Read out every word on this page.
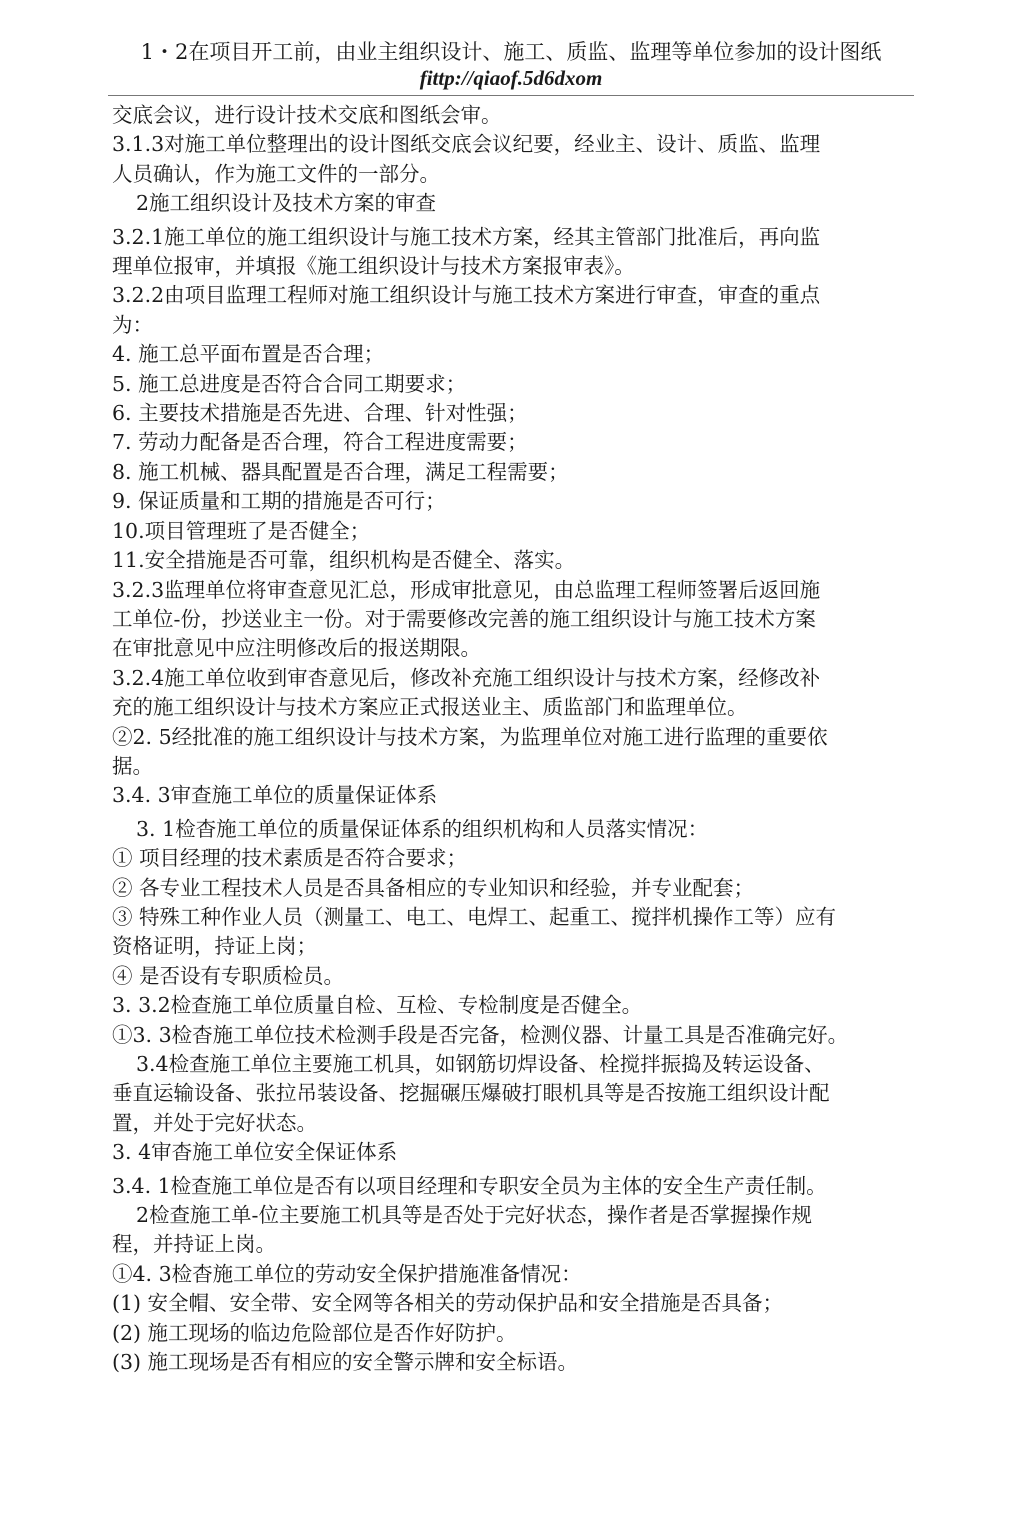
1・2在项目开工前，由业主组织设计、施工、质监、监理等单位参加的设计图纸
fittp://qiaof.5d6dxom
交底会议，进行设计技术交底和图纸会审。
3.1.3对施工单位整理出的设计图纸交底会议纪要，经业主、设计、质监、监理
人员确认，作为施工文件的一部分。
2施工组织设计及技术方案的审查
3.2.1施工单位的施工组织设计与施工技术方案，经其主管部门批准后，再向监
理单位报审，并填报《施工组织设计与技术方案报审表》。
3.2.2由项目监理工程师对施工组织设计与施工技术方案进行审查，审查的重点
为：
4. 施工总平面布置是否合理；
5. 施工总进度是否符合合同工期要求；
6. 主要技术措施是否先进、合理、针对性强；
7. 劳动力配备是否合理，符合工程进度需要；
8. 施工机械、器具配置是否合理，满足工程需要；
9. 保证质量和工期的措施是否可行；
10.项目管理班了是否健全；
11.安全措施是否可靠，组织机构是否健全、落实。
3.2.3监理单位将审查意见汇总，形成审批意见，由总监理工程师签署后返回施
工单位-份，抄送业主一份。对于需要修改完善的施工组织设计与施工技术方案
在审批意见中应注明修改后的报送期限。
3.2.4施工单位收到审杳意见后，修改补充施工组织设计与技术方案，经修改补
充的施工组织设计与技术方案应正式报送业主、质监部门和监理单位。
②2. 5经批准的施工组织设计与技术方案，为监理单位对施工进行监理的重要依
据。
3.4. 3审查施工单位的质量保证体系
3. 1检杳施工单位的质量保证体系的组织机构和人员落实情况：
① 项目经理的技术素质是否符合要求；
② 各专业工程技术人员是否具备相应的专业知识和经验，并专业配套；
③ 特殊工种作业人员（测量工、电工、电焊工、起重工、搅拌机操作工等）应有
资格证明，持证上岗；
④ 是否设有专职质检员。
3. 3.2检查施工单位质量自检、互检、专检制度是否健全。
①3. 3检杳施工单位技术检测手段是否完备，检测仪器、计量工具是否准确完好。
3.4检查施工单位主要施工机具，如钢筋切焊设备、栓搅拌振捣及转运设备、
垂直运输设备、张拉吊装设备、挖掘碾压爆破打眼机具等是否按施工组织设计配
置，并处于完好状态。
3. 4审杳施工单位安全保证体系
3.4. 1检查施工单位是否有以项目经理和专职安全员为主体的安全生产责任制。
2检查施工单-位主要施工机具等是否处于完好状态，操作者是否掌握操作规
程，并持证上岗。
①4. 3检杳施工单位的劳动安全保护措施准备情况：
(1) 安全帽、安全带、安全网等各相关的劳动保护品和安全措施是否具备；
(2) 施工现场的临边危险部位是否作好防护。
(3) 施工现场是否有相应的安全警示牌和安全标语。
